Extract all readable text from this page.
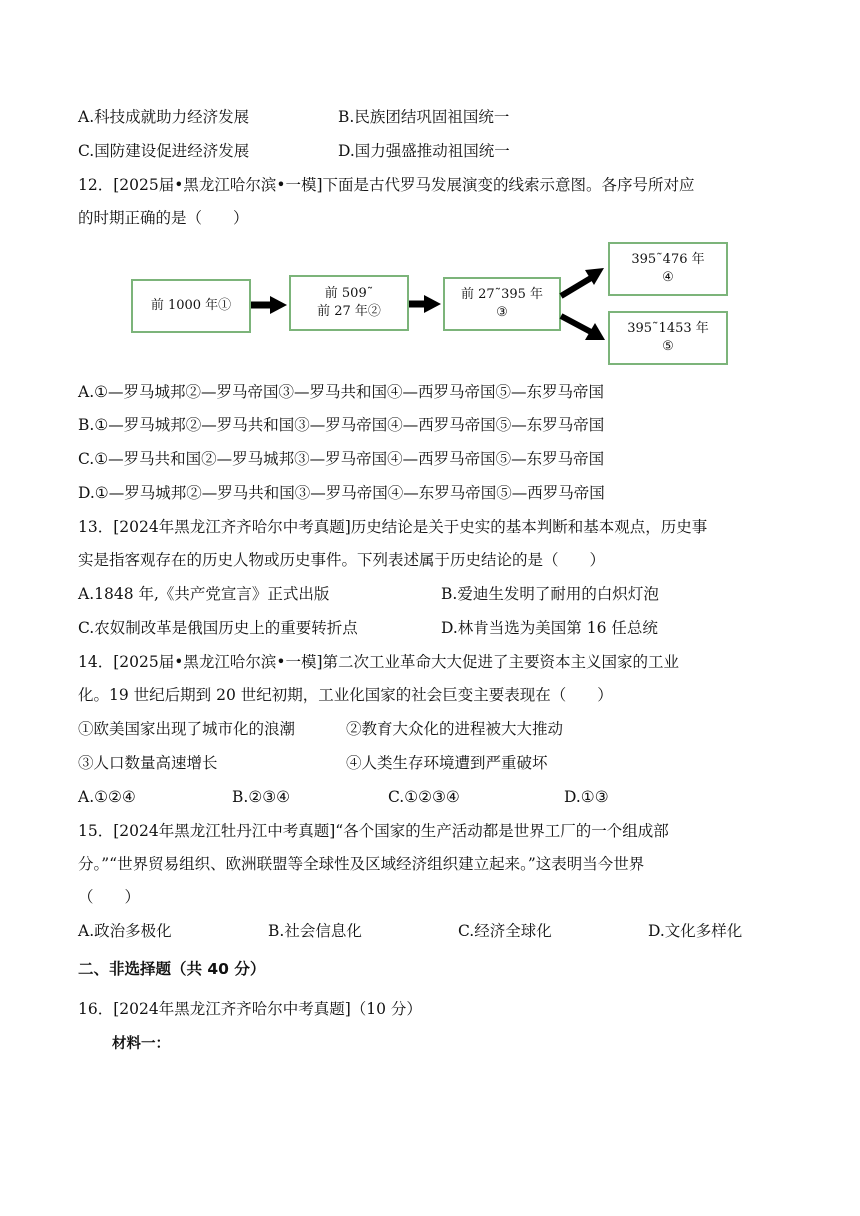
A.科技成就助力经济发展	B.民族团结巩固祖国统一
C.国防建设促进经济发展	D.国力强盛推动祖国统一
12．[2025届•黑龙江哈尔滨•一模]下面是古代罗马发展演变的线索示意图。各序号所对应
的时期正确的是（　　）
前 1000 年①
前 509˜
前 27 年②
前 27˜395 年
③
395˜476 年
④
395˜1453 年
⑤
A.①—罗马城邦②—罗马帝国③—罗马共和国④—西罗马帝国⑤—东罗马帝国
B.①—罗马城邦②—罗马共和国③—罗马帝国④—西罗马帝国⑤—东罗马帝国
C.①—罗马共和国②—罗马城邦③—罗马帝国④—西罗马帝国⑤—东罗马帝国
D.①—罗马城邦②—罗马共和国③—罗马帝国④—东罗马帝国⑤—西罗马帝国
13．[2024年黑龙江齐齐哈尔中考真题]历史结论是关于史实的基本判断和基本观点，历史事
实是指客观存在的历史人物或历史事件。下列表述属于历史结论的是（　　）
A.1848 年,《共产党宣言》正式出版	B.爱迪生发明了耐用的白炽灯泡
C.农奴制改革是俄国历史上的重要转折点	D.林肯当选为美国第 16 任总统
14．[2025届•黑龙江哈尔滨•一模]第二次工业革命大大促进了主要资本主义国家的工业
化。19 世纪后期到 20 世纪初期，工业化国家的社会巨变主要表现在（　　）
①欧美国家出现了城市化的浪潮	②教育大众化的进程被大大推动
③人口数量高速增长	④人类生存环境遭到严重破坏
A.①②④	B.②③④	C.①②③④	D.①③
15．[2024年黑龙江牡丹江中考真题]“各个国家的生产活动都是世界工厂的一个组成部
分。”“世界贸易组织、欧洲联盟等全球性及区域经济组织建立起来。”这表明当今世界
（　　）
A.政治多极化	B.社会信息化	C.经济全球化	D.文化多样化
二、非选择题（共 40 分）
16．[2024年黑龙江齐齐哈尔中考真题]（10 分）
材料一：
